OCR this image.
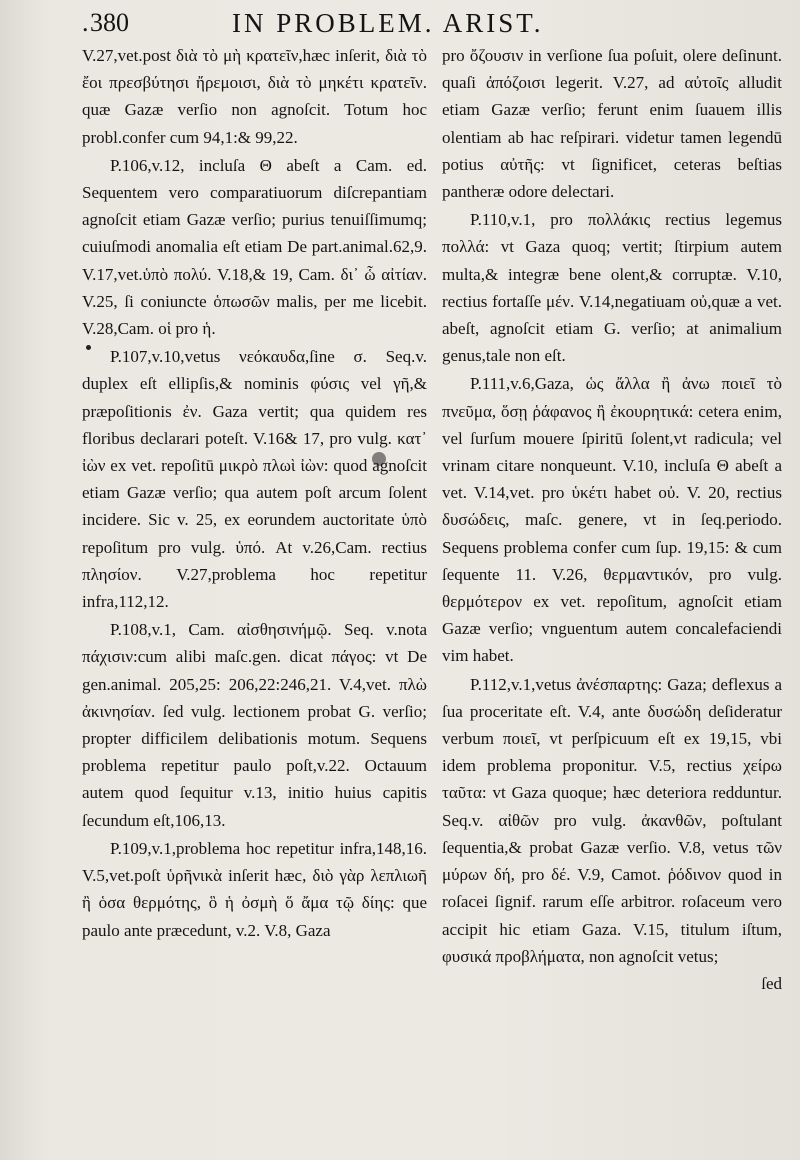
. 380	IN PROBLEM. ARIST.

V.27,vet.post διὰ τὸ μὴ κρατεῖν,hæc inſerit, διὰ τὸ ἔοι πρεσβύτησι ἤρεμοισι, διὰ τὸ μηκέτι κρατεῖν. quæ Gazæ verſio non agnoſcit. Totum hoc probl.confer cum 94,1:& 99,22.

P.106,v.12, incluſa Θ abeſt a Cam. ed. Sequentem vero comparatiuorum diſcrepantiam agnoſcit etiam Gazæ verſio; purius tenuiſſimumq; cuiuſmodi anomalia eſt etiam De part.animal.62,9. V.17,vet.ὑπὸ πολύ. V.18,& 19, Cam. δι᾿ ὧ αἰτίαν. V.25, ſi coniuncte ὁπωσῶν malis, per me licebit. V.28,Cam. οἱ pro ἡ.

P.107,v.10,vetus νεόκαυδα,ſine σ. Seq.v. duplex eſt ellipſis,& nominis φύσις vel γῆ,& præpoſitionis ἐν. Gaza vertit; qua quidem res floribus declarari poteſt. V.16& 17, pro vulg. κατ᾿ ἰὼν ex vet. repoſitū μικρὸ πλωὶ ἰὼν: quod agnoſcit etiam Gazæ verſio; qua autem poſt arcum ſolent incidere. Sic v. 25, ex eorundem auctoritate ὑπὸ repoſitum pro vulg. ὑπό. At v.26,Cam. rectius πλησίον. V.27,problema hoc repetitur infra,112,12.

P.108,v.1, Cam. αἰσθησινήμῷ. Seq. v.nota πάχισιν:cum alibi maſc.gen. dicat πάγος: vt De gen.animal. 205,25: 206,22:246,21. V.4,vet. πλὼ ἀκινησίαν. ſed vulg. lectionem probat G. verſio; propter difficilem delibationis motum. Sequens problema repetitur paulo poſt,v.22. Octauum autem quod ſequitur v.13, initio huius capitis ſecundum eſt,106,13.

P.109,v.1,problema hoc repetitur infra,148,16. V.5,vet.poſt ὑρῆνικὰ inſerit hæc, διὸ γὰρ λεπλιωῆ ἢ ὁσα θερμότης, ὃ ἡ ὀσμὴ ὅ ἄμα τῷ δίης: que paulo ante præcedunt, v.2. V.8, Gaza

pro ὄζουσιν in verſione ſua poſuit, olere deſinunt. quaſi ἀπόζοισι legerit. V.27, ad αὐτοῖς alludit etiam Gazæ verſio; ferunt enim ſuauem illis olentiam ab hac reſpirari. videtur tamen legendū potius αὐτῆς: vt ſignificet, ceteras beſtias pantheræ odore delectari.

P.110,v.1, pro πολλάκις rectius legemus πολλά: vt Gaza quoq; vertit; ſtirpium autem multa,& integræ bene olent,& corruptæ. V.10, rectius fortaſſe μέν. V.14,negatiuam οὐ,quæ a vet. abeſt, agnoſcit etiam G. verſio; at animalium genus,tale non eſt.

P.111,v.6,Gaza, ὡς ἄλλα ἢ ἀνω ποιεῖ τὸ πνεῦμα, ὅσῃ ῥάφανος ἢ ἐκουρητικά: cetera enim, vel ſurſum mouere ſpiritū ſolent,vt radicula; vel vrinam citare nonqueunt. V.10, incluſa Θ abeſt a vet. V.14,vet. pro ὑκέτι habet οὐ. V. 20, rectius δυσώδεις, maſc. genere, vt in ſeq.periodo. Sequens problema confer cum ſup. 19,15: & cum ſequente 11. V.26, θερμαντικόν, pro vulg. θερμότερον ex vet. repoſitum, agnoſcit etiam Gazæ verſio; vnguentum autem concalefaciendi vim habet.

P.112,v.1,vetus ἀνέσπαρτης: Gaza; deflexus a ſua proceritate eſt. V.4, ante δυσώδη deſideratur verbum ποιεῖ, vt perſpicuum eſt ex 19,15, vbi idem problema proponitur. V.5, rectius χείρω ταῦτα: vt Gaza quoque; hæc deteriora redduntur. Seq.v. αἰθῶν pro vulg. ἀκανθῶν, poſtulant ſequentia,& probat Gazæ verſio. V.8, vetus τῶν μύρων δή, pro δέ. V.9, Camot. ῥόδινον quod in roſacei ſignif. rarum eſſe arbitror. roſaceum vero accipit hic etiam Gaza. V.15, titulum iſtum, φυσικά προβλήματα, non agnoſcit vetus;

ſed
